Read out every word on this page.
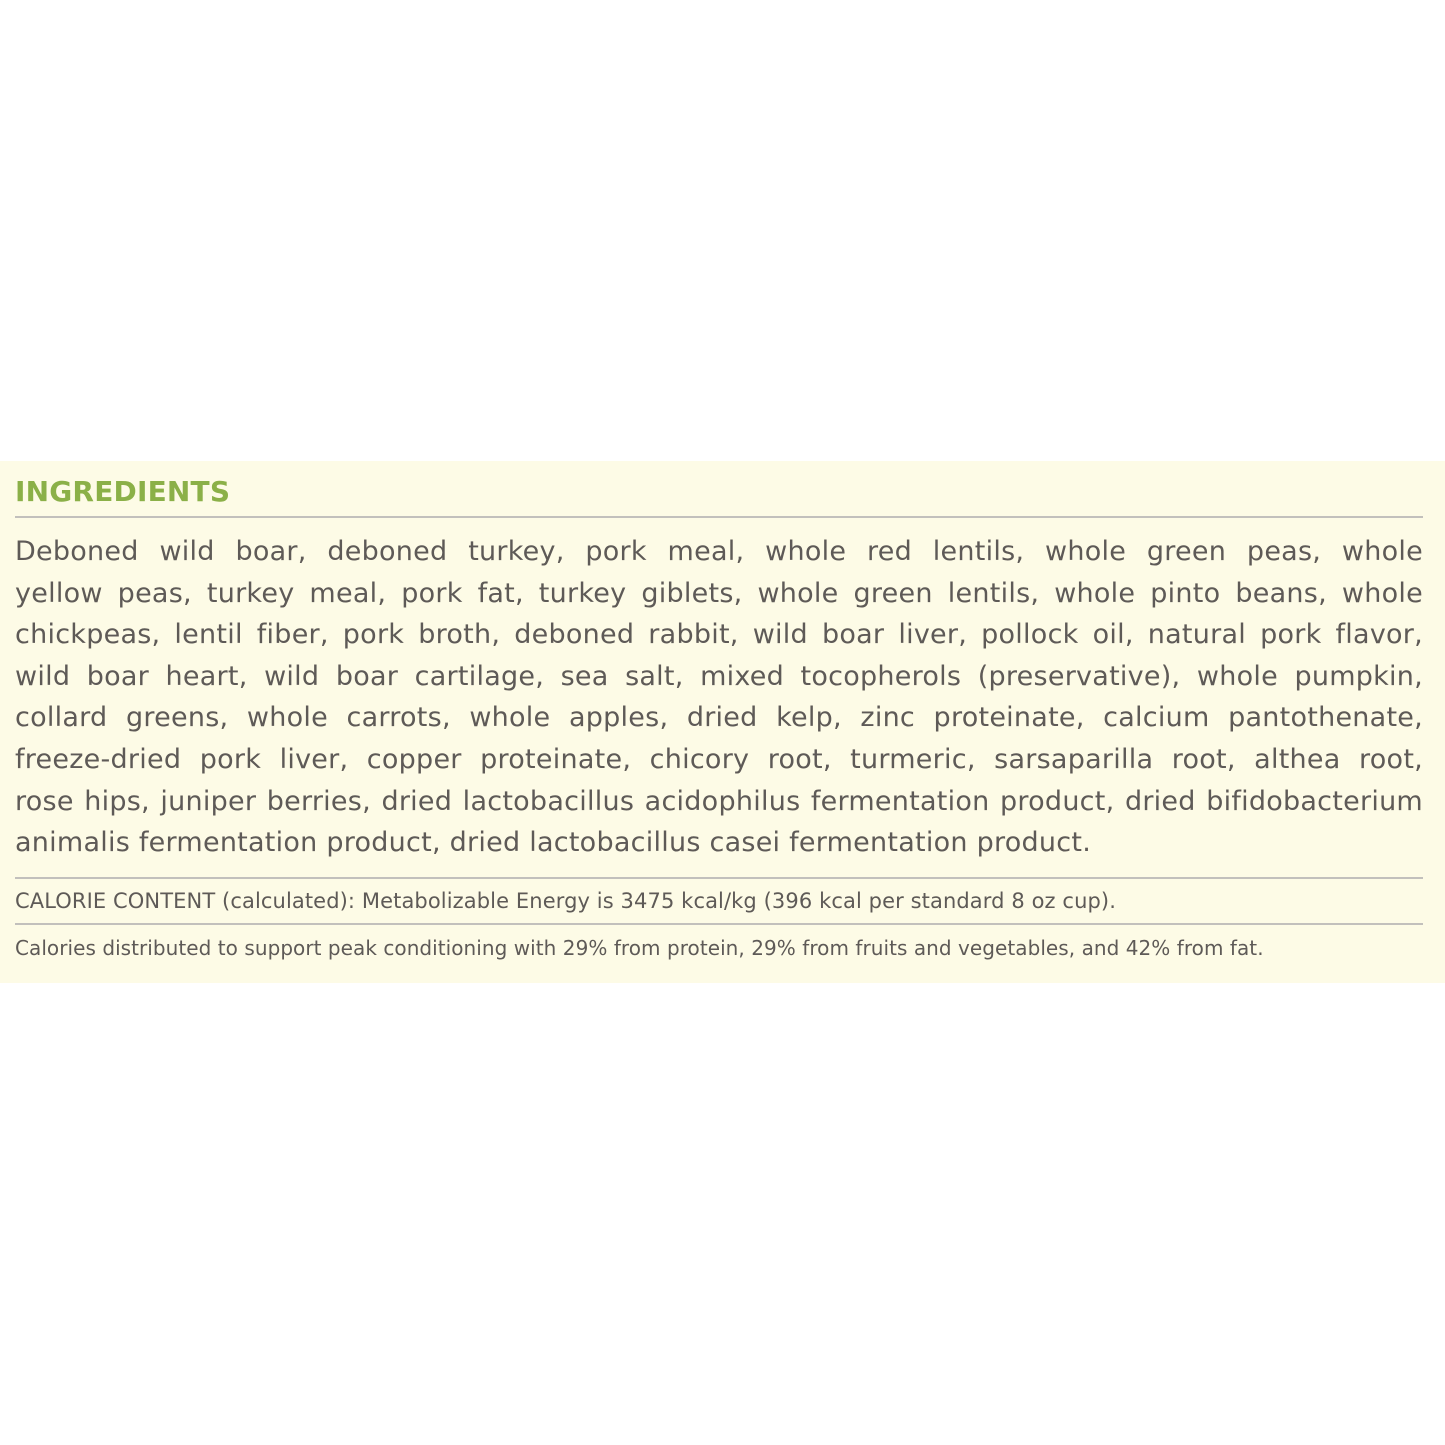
INGREDIENTS

Deboned wild boar, deboned turkey, pork meal, whole red lentils, whole green peas, whole
yellow peas, turkey meal, pork fat, turkey giblets, whole green lentils, whole pinto beans, whole
chickpeas, lentil fiber, pork broth, deboned rabbit, wild boar liver, pollock oil, natural pork flavor,
wild boar heart, wild boar cartilage, sea salt, mixed tocopherols (preservative), whole pumpkin,
collard greens, whole carrots, whole apples, dried kelp, zinc proteinate, calcium pantothenate,
freeze-dried pork liver, copper proteinate, chicory root, turmeric, sarsaparilla root, althea root,
rose hips, juniper berries, dried lactobacillus acidophilus fermentation product, dried bifidobacterium
animalis fermentation product, dried lactobacillus casei fermentation product.

CALORIE CONTENT (calculated): Metabolizable Energy is 3475 kcal/kg (396 kcal per standard 8 oz cup).

Calories distributed to support peak conditioning with 29% from protein, 29% from fruits and vegetables, and 42% from fat.
